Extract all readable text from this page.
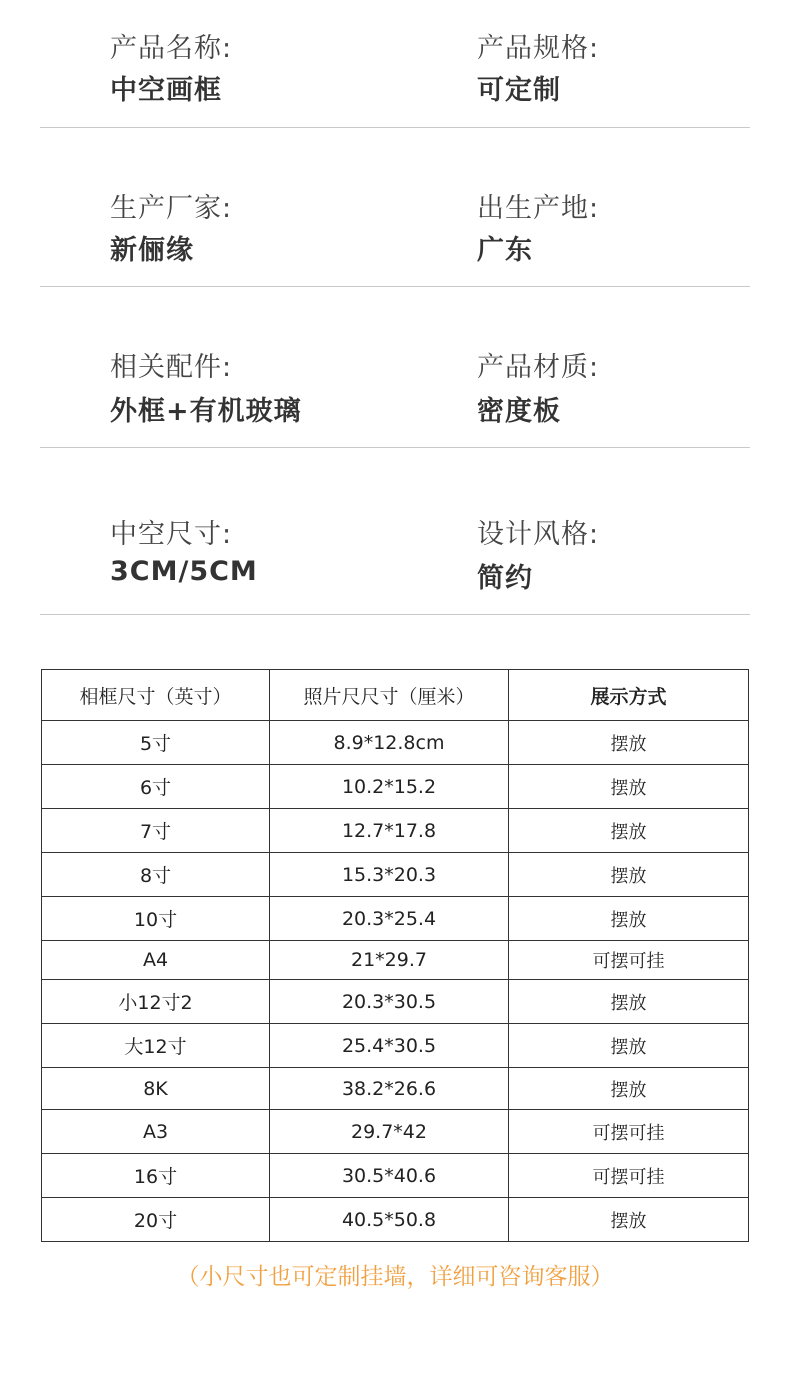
产品名称:
中空画框
产品规格:
可定制
生产厂家:
新俪缘
出生产地:
广东
相关配件:
外框+有机玻璃
产品材质:
密度板
中空尺寸:
3CM/5CM
设计风格:
简约
相框尺寸（英寸）	照片尺尺寸（厘米）	展示方式
5寸	8.9*12.8cm	摆放
6寸	10.2*15.2	摆放
7寸	12.7*17.8	摆放
8寸	15.3*20.3	摆放
10寸	20.3*25.4	摆放
A4	21*29.7	可摆可挂
小12寸2	20.3*30.5	摆放
大12寸	25.4*30.5	摆放
8K	38.2*26.6	摆放
A3	29.7*42	可摆可挂
16寸	30.5*40.6	可摆可挂
20寸	40.5*50.8	摆放
（小尺寸也可定制挂墙，详细可咨询客服）
